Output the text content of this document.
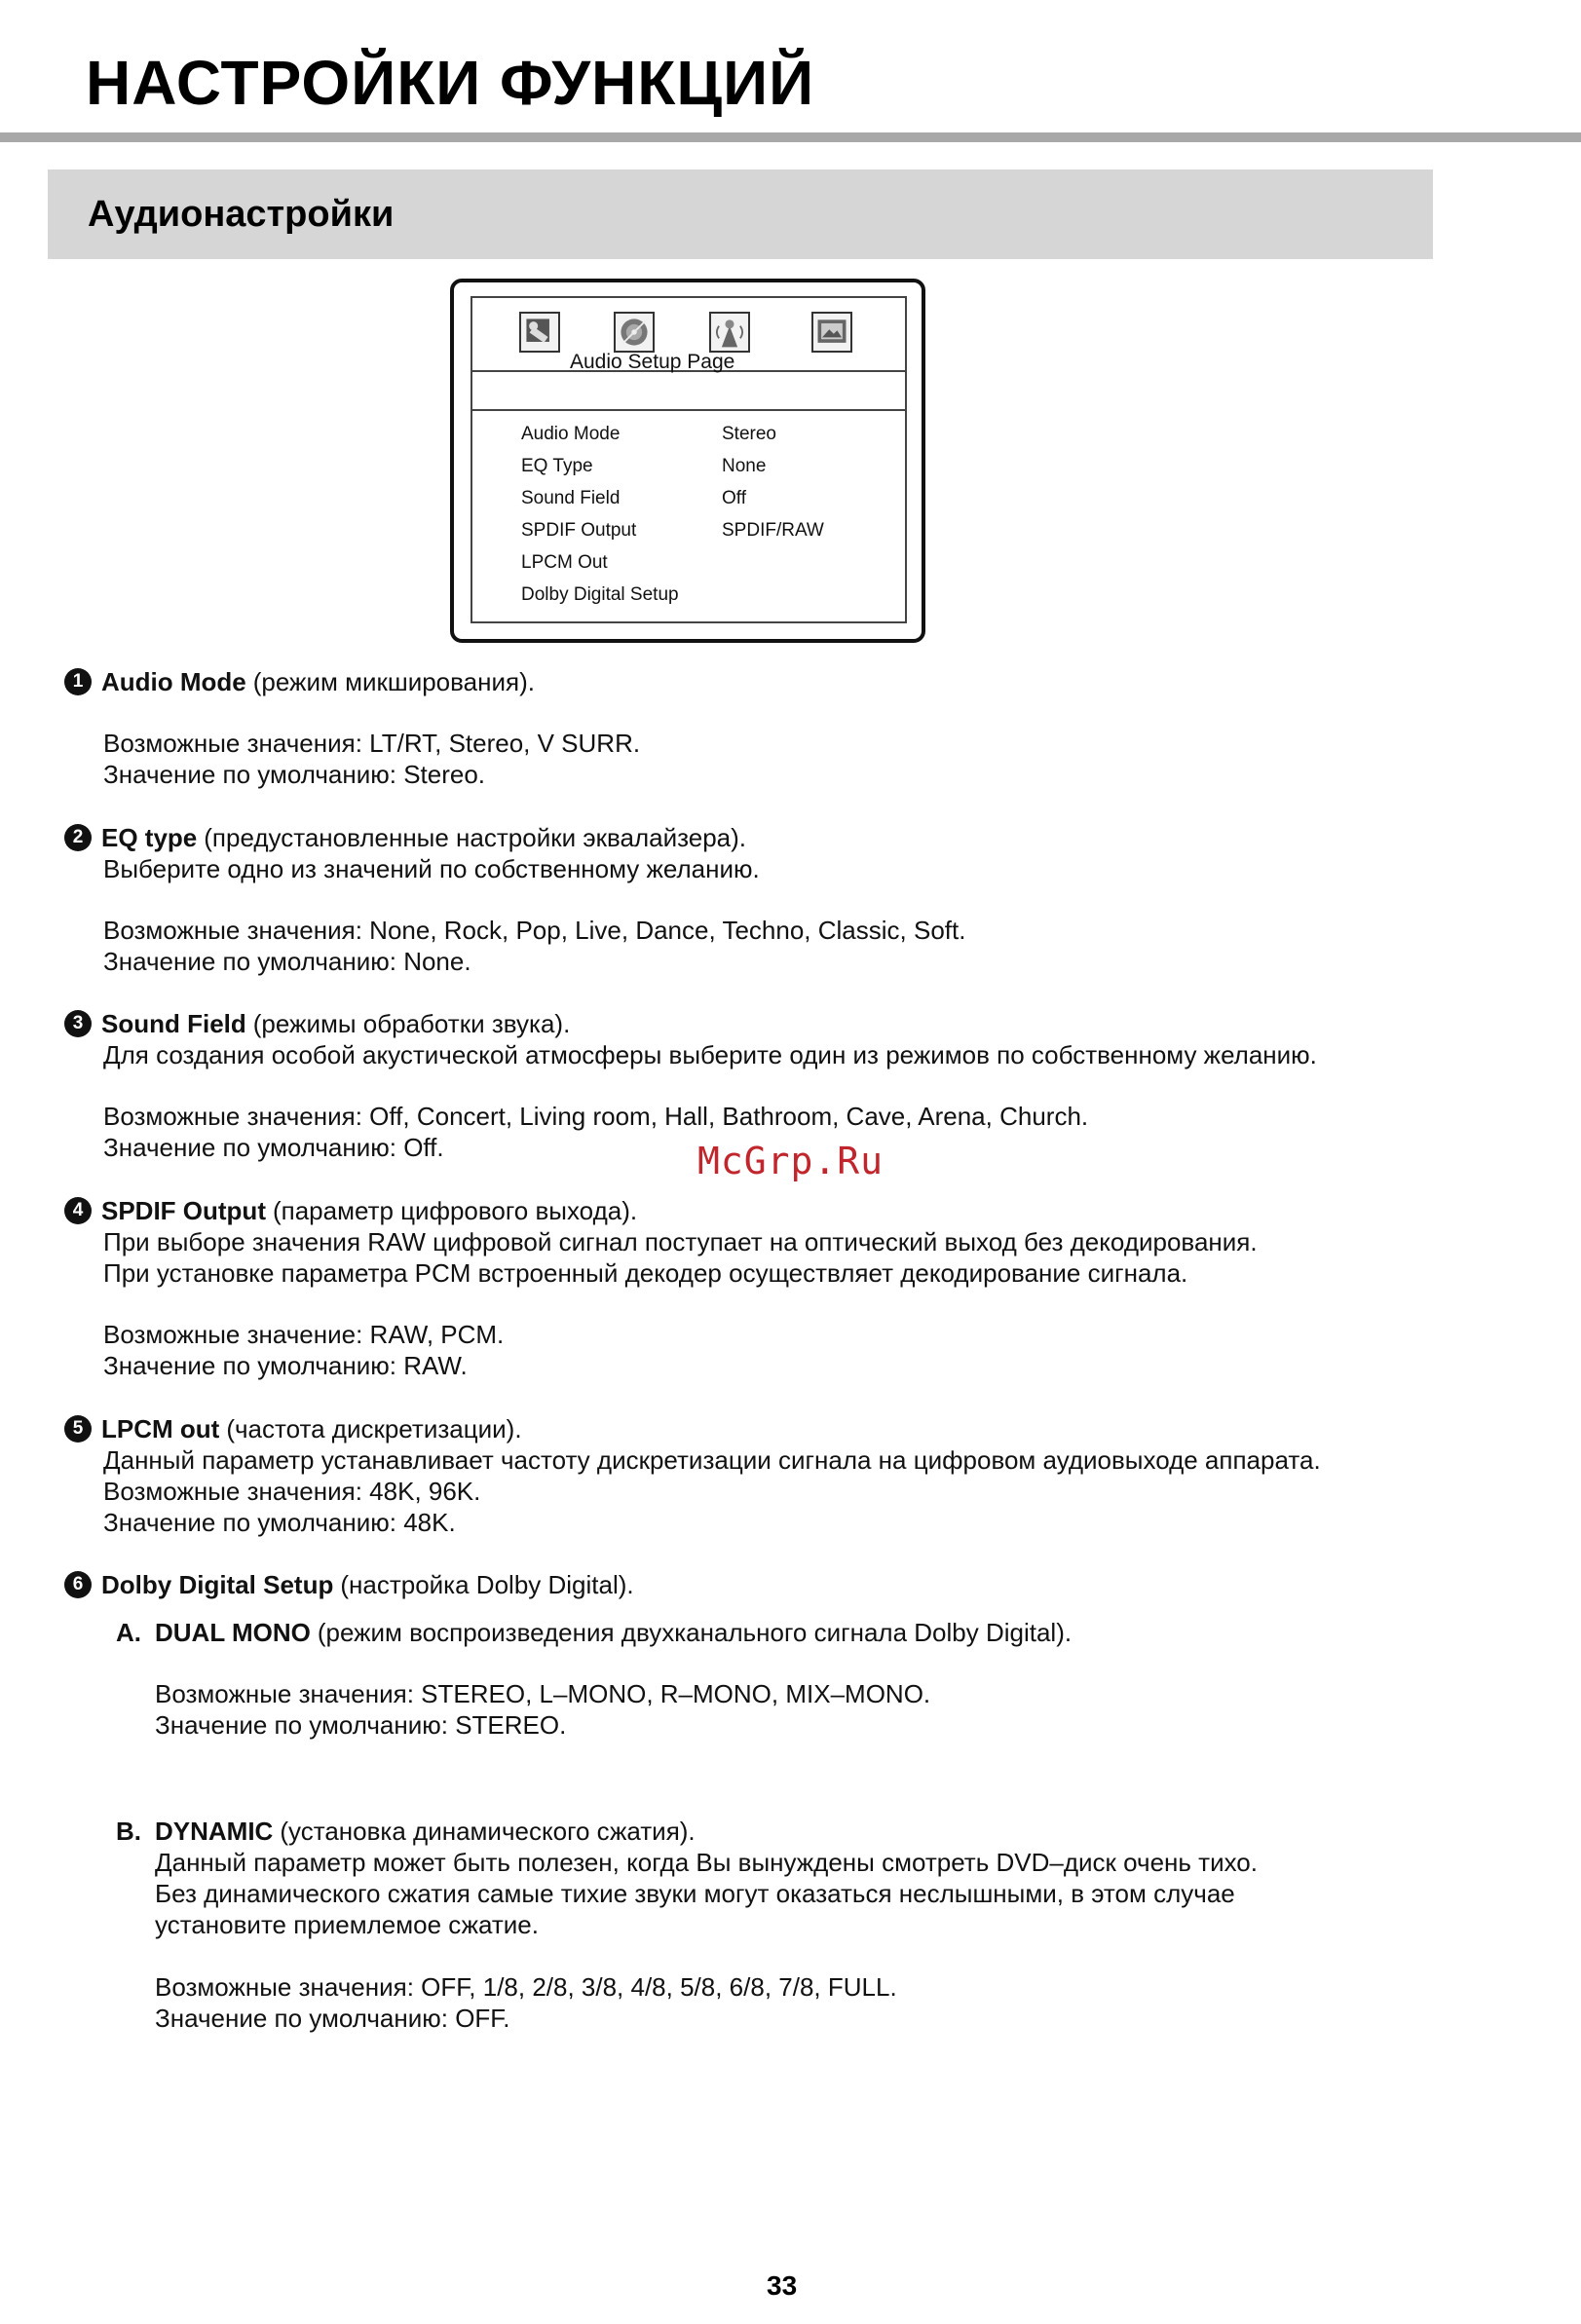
НАСТРОЙКИ ФУНКЦИЙ
Аудионастройки
Audio Setup Page
Audio Mode	Stereo
EQ Type	None
Sound Field	Off
SPDIF Output	SPDIF/RAW
LPCM Out
Dolby Digital Setup
1 Audio Mode (режим микширования).
Возможные значения: LT/RT, Stereo, V SURR.
Значение по умолчанию: Stereo.
2 EQ type (предустановленные настройки эквалайзера).
Выберите одно из значений по собственному желанию.
Возможные значения: None, Rock, Pop, Live, Dance, Techno, Classic, Soft.
Значение по умолчанию: None.
3 Sound Field (режимы обработки звука).
Для создания особой акустической атмосферы выберите один из режимов по собственному желанию.
Возможные значения: Off, Concert, Living room, Hall, Bathroom, Cave, Arena, Church.
Значение по умолчанию: Off.	McGrp.Ru
4 SPDIF Output (параметр цифрового выхода).
При выборе значения RAW цифровой сигнал поступает на оптический выход без декодирования.
При установке параметра PCM встроенный декодер осуществляет декодирование сигнала.
Возможные значение: RAW, PCM.
Значение по умолчанию: RAW.
5 LPCM out (частота дискретизации).
Данный параметр устанавливает частоту дискретизации сигнала на цифровом аудиовыходе аппарата.
Возможные значения: 48K, 96K.
Значение по умолчанию: 48K.
6 Dolby Digital Setup (настройка Dolby Digital).
A. DUAL MONO (режим воспроизведения двухканального сигнала Dolby Digital).
Возможные значения: STEREO, L–MONO, R–MONO, MIX–MONO.
Значение по умолчанию: STEREO.
B. DYNAMIC (установка динамического сжатия).
Данный параметр может быть полезен, когда Вы вынуждены смотреть DVD–диск очень тихо.
Без динамического сжатия самые тихие звуки могут оказаться неслышными, в этом случае
установите приемлемое сжатие.
Возможные значения: OFF, 1/8, 2/8, 3/8, 4/8, 5/8, 6/8, 7/8, FULL.
Значение по умолчанию: OFF.
33
